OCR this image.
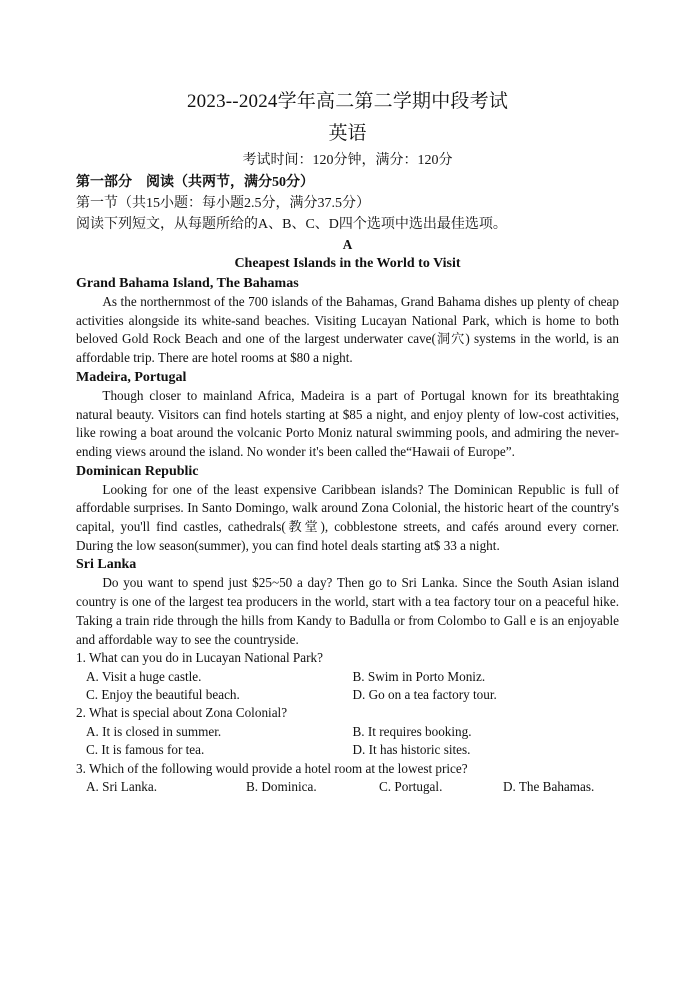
2023--2024学年高二第二学期中段考试
英语
考试时间：120分钟，满分：120分
第一部分　阅读（共两节，满分50分）
第一节（共15小题：每小题2.5分，满分37.5分）
阅读下列短文，从每题所给的A、B、C、D四个选项中选出最佳选项。
A
Cheapest Islands in the World to Visit
Grand Bahama Island, The Bahamas

As the northernmost of the 700 islands of the Bahamas, Grand Bahama dishes up plenty of cheap activities alongside its white-sand beaches. Visiting Lucayan National Park, which is home to both beloved Gold Rock Beach and one of the largest underwater cave(洞穴) systems in the world, is an affordable trip. There are hotel rooms at $80 a night.

Madeira, Portugal

Though closer to mainland Africa, Madeira is a part of Portugal known for its breathtaking natural beauty. Visitors can find hotels starting at $85 a night, and enjoy plenty of low-cost activities, like rowing a boat around the volcanic Porto Moniz natural swimming pools, and admiring the never-ending views around the island. No wonder it's been called the“Hawaii of Europe”.

Dominican Republic

Looking for one of the least expensive Caribbean islands? The Dominican Republic is full of affordable surprises. In Santo Domingo, walk around Zona Colonial, the historic heart of the country's capital, you'll find castles, cathedrals(教堂), cobblestone streets, and cafés around every corner. During the low season(summer), you can find hotel deals starting at$ 33 a night.

Sri Lanka

Do you want to spend just $25~50 a day? Then go to Sri Lanka. Since the South Asian island country is one of the largest tea producers in the world, start with a tea factory tour on a peaceful hike. Taking a train ride through the hills from Kandy to Badulla or from Colombo to Gall e is an enjoyable and affordable way to see the countryside.

1. What can you do in Lucayan National Park?
A. Visit a huge castle.	B. Swim in Porto Moniz.
C. Enjoy the beautiful beach.	D. Go on a tea factory tour.
2. What is special about Zona Colonial?
A. It is closed in summer.	B. It requires booking.
C. It is famous for tea.	D. It has historic sites.
3. Which of the following would provide a hotel room at the lowest price?
A. Sri Lanka.	B. Dominica.	C. Portugal.	D. The Bahamas.
